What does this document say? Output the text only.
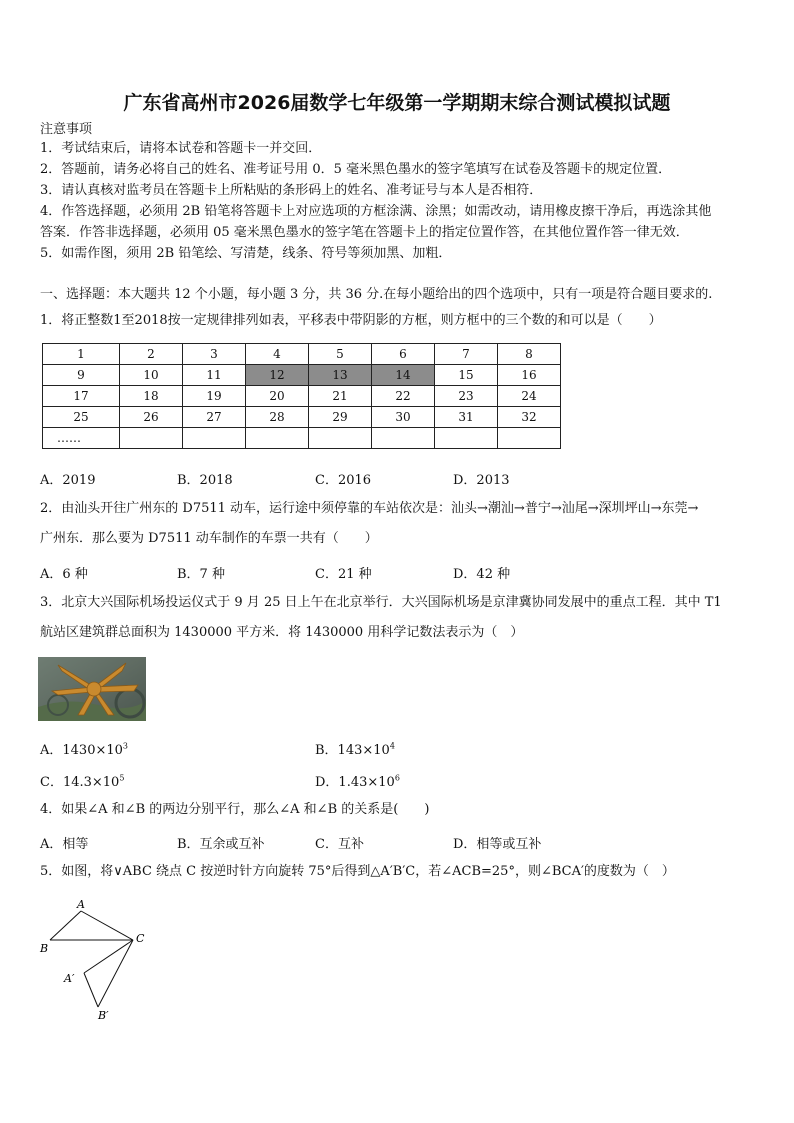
广东省高州市2026届数学七年级第一学期期末综合测试模拟试题
注意事项
1．考试结束后，请将本试卷和答题卡一并交回．
2．答题前，请务必将自己的姓名、准考证号用 0．5 毫米黑色墨水的签字笔填写在试卷及答题卡的规定位置．
3．请认真核对监考员在答题卡上所粘贴的条形码上的姓名、准考证号与本人是否相符．
4．作答选择题，必须用 2B 铅笔将答题卡上对应选项的方框涂满、涂黑；如需改动，请用橡皮擦干净后，再选涂其他
答案．作答非选择题，必须用 05 毫米黑色墨水的签字笔在答题卡上的指定位置作答，在其他位置作答一律无效．
5．如需作图，须用 2B 铅笔绘、写清楚，线条、符号等须加黑、加粗．
一、选择题：本大题共 12 个小题，每小题 3 分，共 36 分.在每小题给出的四个选项中，只有一项是符合题目要求的.
1．将正整数1至2018按一定规律排列如表，平移表中带阴影的方框，则方框中的三个数的和可以是（　　）
1	2	3	4	5	6	7	8
9	10	11	12	13	14	15	16
17	18	19	20	21	22	23	24
25	26	27	28	29	30	31	32
……							
A．2019	B．2018	C．2016	D．2013
2．由汕头开往广州东的 D7511 动车，运行途中须停靠的车站依次是：汕头→潮汕→普宁→汕尾→深圳坪山→东莞→
广州东．那么要为 D7511 动车制作的车票一共有（　　）
A．6 种	B．7 种	C．21 种	D．42 种
3．北京大兴国际机场投运仪式于 9 月 25 日上午在北京举行．大兴国际机场是京津冀协同发展中的重点工程．其中 T1
航站区建筑群总面积为 1430000 平方米．将 1430000 用科学记数法表示为（　）
A．$1430\times 10^3$	B．$143\times 10^4$
C．$14.3\times 10^5$	D．$1.43\times 10^6$
4．如果∠A 和∠B 的两边分别平行，那么∠A 和∠B 的关系是(　　)
A．相等	B．互余或互补	C．互补	D．相等或互补
5．如图，将∨ABC 绕点 C 按逆时针方向旋转 75°后得到△A′B′C，若∠ACB=25°，则∠BCA′的度数为（　）
A
B
C
A′
B′
